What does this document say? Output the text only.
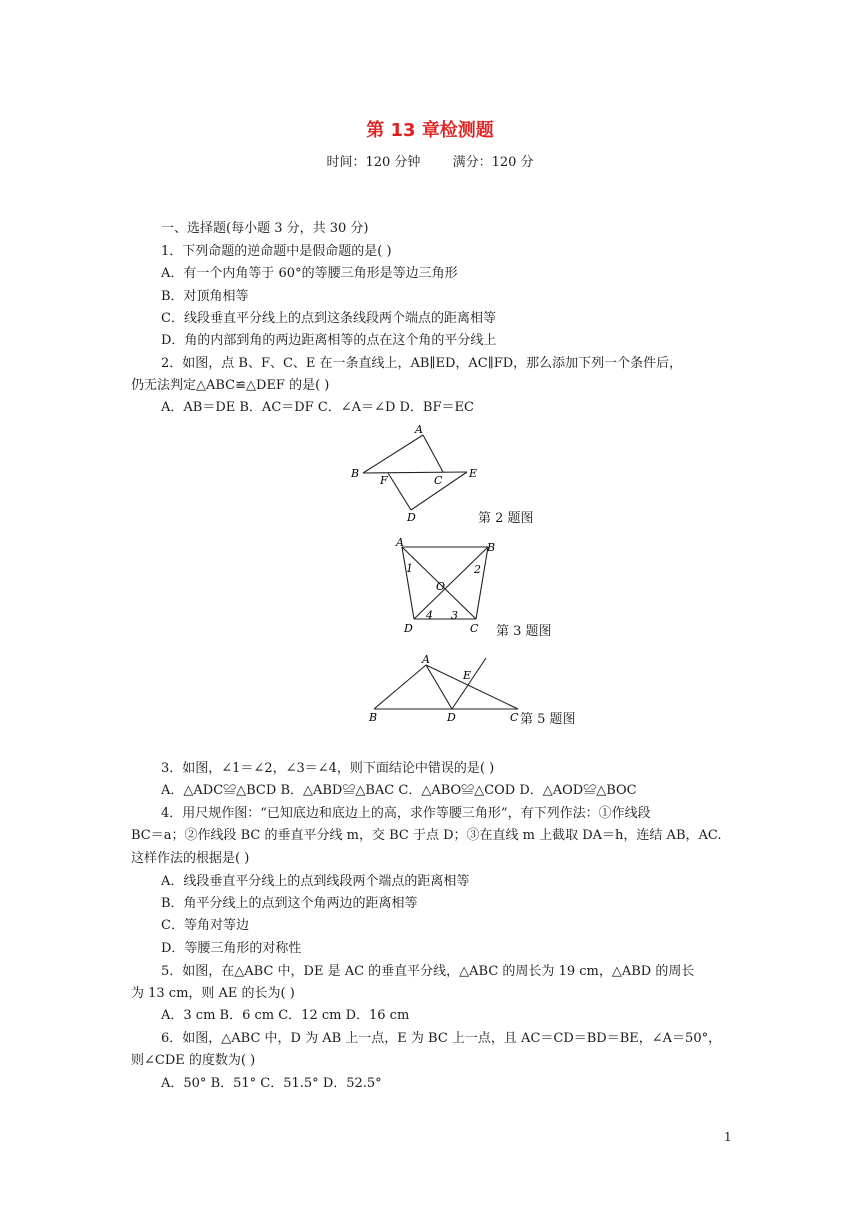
第 13 章检测题
时间：120 分钟 满分：120 分
一、选择题(每小题 3 分，共 30 分)
1．下列命题的逆命题中是假命题的是( )
A．有一个内角等于 60°的等腰三角形是等边三角形
B．对顶角相等
C．线段垂直平分线上的点到这条线段两个端点的距离相等
D．角的内部到角的两边距离相等的点在这个角的平分线上
2．如图，点 B、F、C、E 在一条直线上，AB∥ED，AC∥FD，那么添加下列一个条件后，
仍无法判定△ABC≌△DEF 的是( )
A．AB＝DE B．AC＝DF C．∠A＝∠D D．BF＝EC
A
B
F	C
E
D	第 2 题图
A	B
1	2
O
4 3
D	C 第 3 题图
A
E
B	D	C 第 5 题图
3．如图，∠1＝∠2，∠3＝∠4，则下面结论中错误的是( )
A．△ADC≌△BCD B．△ABD≌△BAC C．△ABO≌△COD D．△AOD≌△BOC
4．用尺规作图：“已知底边和底边上的高，求作等腰三角形”，有下列作法：①作线段
BC＝a；②作线段 BC 的垂直平分线 m，交 BC 于点 D；③在直线 m 上截取 DA＝h，连结 AB，AC.
这样作法的根据是( )
A．线段垂直平分线上的点到线段两个端点的距离相等
B．角平分线上的点到这个角两边的距离相等
C．等角对等边
D．等腰三角形的对称性
5．如图，在△ABC 中，DE 是 AC 的垂直平分线，△ABC 的周长为 19 cm，△ABD 的周长
为 13 cm，则 AE 的长为( )
A．3 cm B．6 cm C．12 cm D．16 cm
6．如图，△ABC 中，D 为 AB 上一点，E 为 BC 上一点，且 AC＝CD＝BD＝BE，∠A＝50°，
则∠CDE 的度数为( )
A．50° B．51° C．51.5° D．52.5°
1
